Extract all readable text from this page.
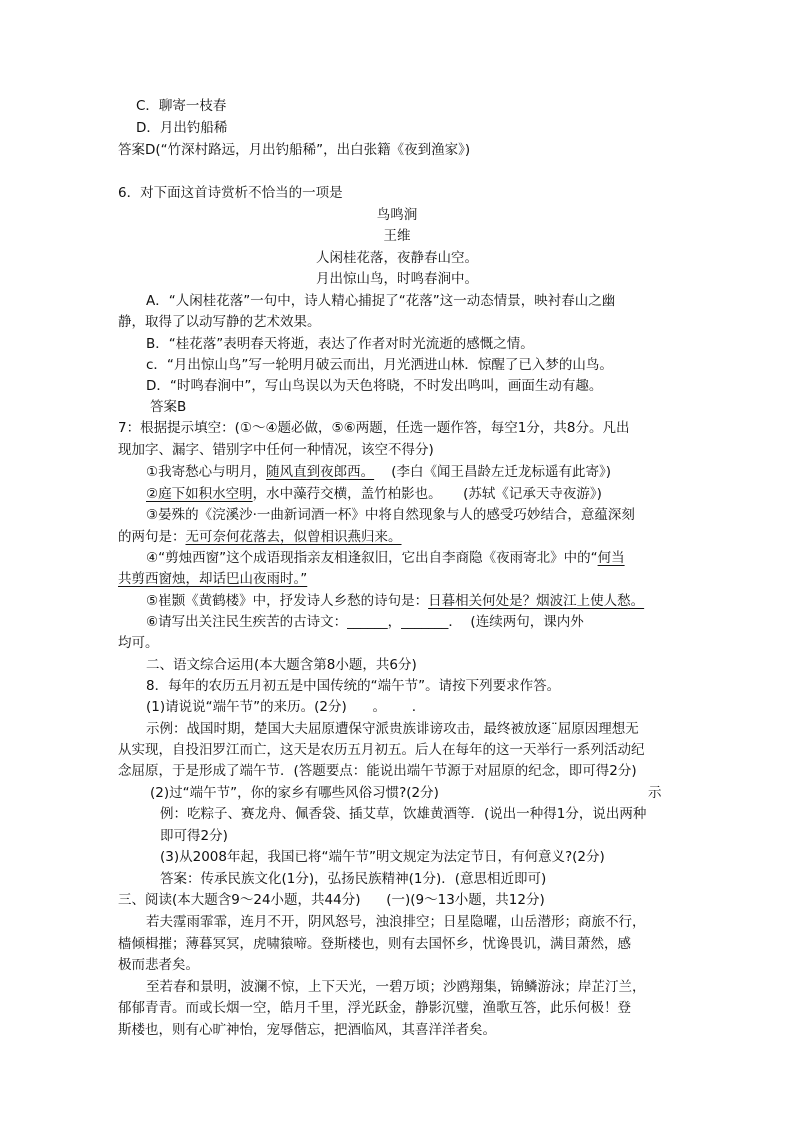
C．聊寄一枝春
D．月出钓船稀
答案D(“竹深村路远，月出钓船稀”，出白张籍《夜到渔家》)
6．对下面这首诗赏析不恰当的一项是
鸟鸣涧
王维
人闲桂花落，夜静春山空。
月出惊山鸟，时鸣春涧中。
A．“人闲桂花落”一句中，诗人精心捕捉了“花落”这一动态情景，映衬春山之幽
静，取得了以动写静的艺术效果。
B．“桂花落”表明春天将逝，表达了作者对时光流逝的感慨之情。
c．“月出惊山鸟”写一轮明月破云而出，月光洒进山林．惊醒了已入梦的山鸟。
D．“时鸣春涧中”，写山鸟误以为天色将晓，不时发出鸣叫，画面生动有趣。
答案B
7：根据提示填空：(①～④题必做，⑤⑥两题，任选一题作答，每空1分，共8分。凡出
现加字、漏字、错别字中任何一种情况，该空不得分)
①我寄愁心与明月，随风直到夜郎西。    (李白《闻王昌龄左迁龙标遥有此寄》)
②庭下如积水空明，水中藻荇交横，盖竹柏影也。     (苏轼《记承天寺夜游》)
③晏殊的《浣溪沙·一曲新词酒一杯》中将自然现象与人的感受巧妙结合，意蕴深刻
的两句是：无可奈何花落去，似曾相识燕归来。
④“剪烛西窗”这个成语现指亲友相逢叙旧，它出自李商隐《夜雨寄北》中的“何当
共剪西窗烛，却话巴山夜雨时。”
⑤崔颢《黄鹤楼》中，抒发诗人乡愁的诗句是：日暮相关何处是？烟波江上使人愁。
⑥请写出关注民生疾苦的古诗文：______，_______．  (连续两句，课内外
均可。
二、语文综合运用(本大题含第8小题，共6分)
8．每年的农历五月初五是中国传统的“端午节”。请按下列要求作答。
(1)请说说“端午节”的来历。(2分)      。      .
示例：战国时期，楚国大夫屈原遭保守派贵族诽谤攻击，最终被放逐¨屈原因理想无
从实现，自投汨罗江而亡，这天是农历五月初五。后人在每年的这一天举行一系列活动纪
念屈原，于是形成了端午节．(答题要点：能说出端午节源于对屈原的纪念，即可得2分)
(2)过“端午节”，你的家乡有哪些风俗习惯?(2分)	示
例：吃粽子、赛龙舟、佩香袋、插艾草，饮雄黄酒等．(说出一种得1分，说出两种
即可得2分)
(3)从2008年起，我国已将“端午节”明文规定为法定节日，有何意义?(2分)
答案：传承民族文化(1分)，弘扬民族精神(1分)．(意思相近即可)
三、阅读(本大题含9～24小题，共44分)      (一)(9～13小题，共12分)
若夫霪雨霏霏，连月不开，阴风怒号，浊浪排空；日星隐曜，山岳潜形；商旅不行，
樯倾楫摧；薄暮冥冥，虎啸猿啼。登斯楼也，则有去国怀乡，忧谗畏讥，满目萧然，感
极而悲者矣。
至若春和景明，波澜不惊，上下天光，一碧万顷；沙鸥翔集，锦鳞游泳；岸芷汀兰，
郁郁青青。而或长烟一空，皓月千里，浮光跃金，静影沉璧，渔歌互答，此乐何极！登
斯楼也，则有心旷神怡，宠辱偕忘，把酒临风，其喜洋洋者矣。
